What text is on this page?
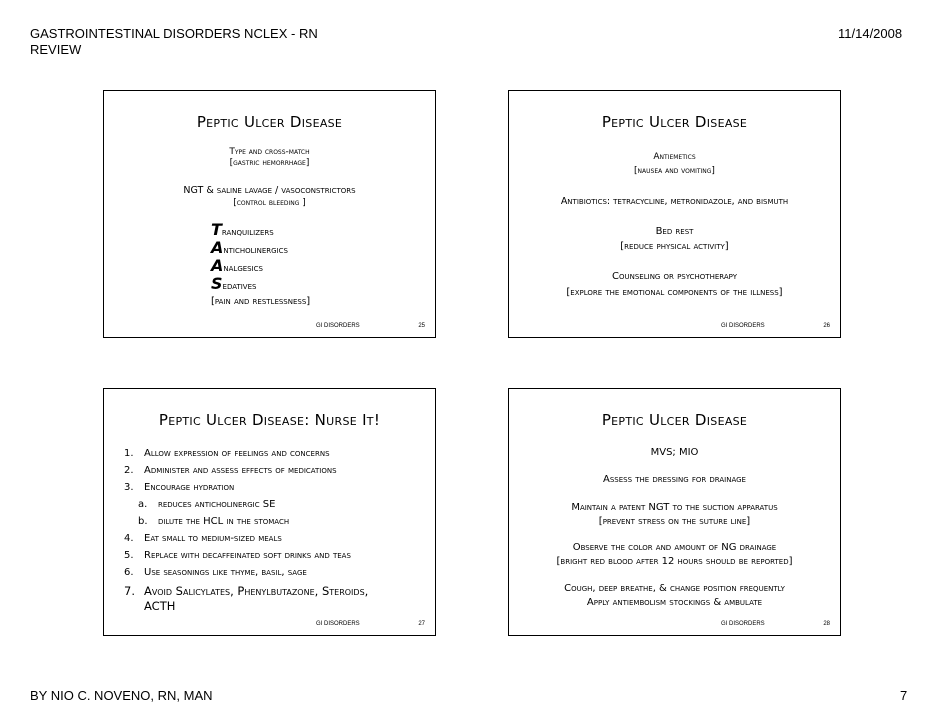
GASTROINTESTINAL DISORDERS NCLEX - RN
REVIEW
11/14/2008
Peptic Ulcer Disease
Type and cross-match
[gastric hemorrhage]
NGT & saline lavage / vasoconstrictors
[control bleeding ]
Tranquilizers
Anticholinergics
Analgesics
Sedatives
[pain and restlessness]
GI DISORDERS	25
Peptic Ulcer Disease
Antiemetics
[nausea and vomiting]
Antibiotics: tetracycline, metronidazole, and bismuth
Bed rest
[reduce physical activity]
Counseling or psychotherapy
[explore the emotional components of the illness]
GI DISORDERS	26
Peptic Ulcer Disease: Nurse It!
1. Allow expression of feelings and concerns
2. Administer and assess effects of medications
3. Encourage hydration
a. reduces anticholinergic SE
b. dilute the HCL in the stomach
4. Eat small to medium-sized meals
5. Replace with decaffeinated soft drinks and teas
6. Use seasonings like thyme, basil, sage
7. Avoid Salicylates, Phenylbutazone, Steroids,
ACTH
GI DISORDERS	27
Peptic Ulcer Disease
MVS; MIO
Assess the dressing for drainage
Maintain a patent NGT to the suction apparatus
[prevent stress on the suture line]
Observe the color and amount of NG drainage
[bright red blood after 12 hours should be reported]
Cough, deep breathe, & change position frequently
Apply antiembolism stockings & ambulate
GI DISORDERS	28
BY NIO C. NOVENO, RN, MAN	7
